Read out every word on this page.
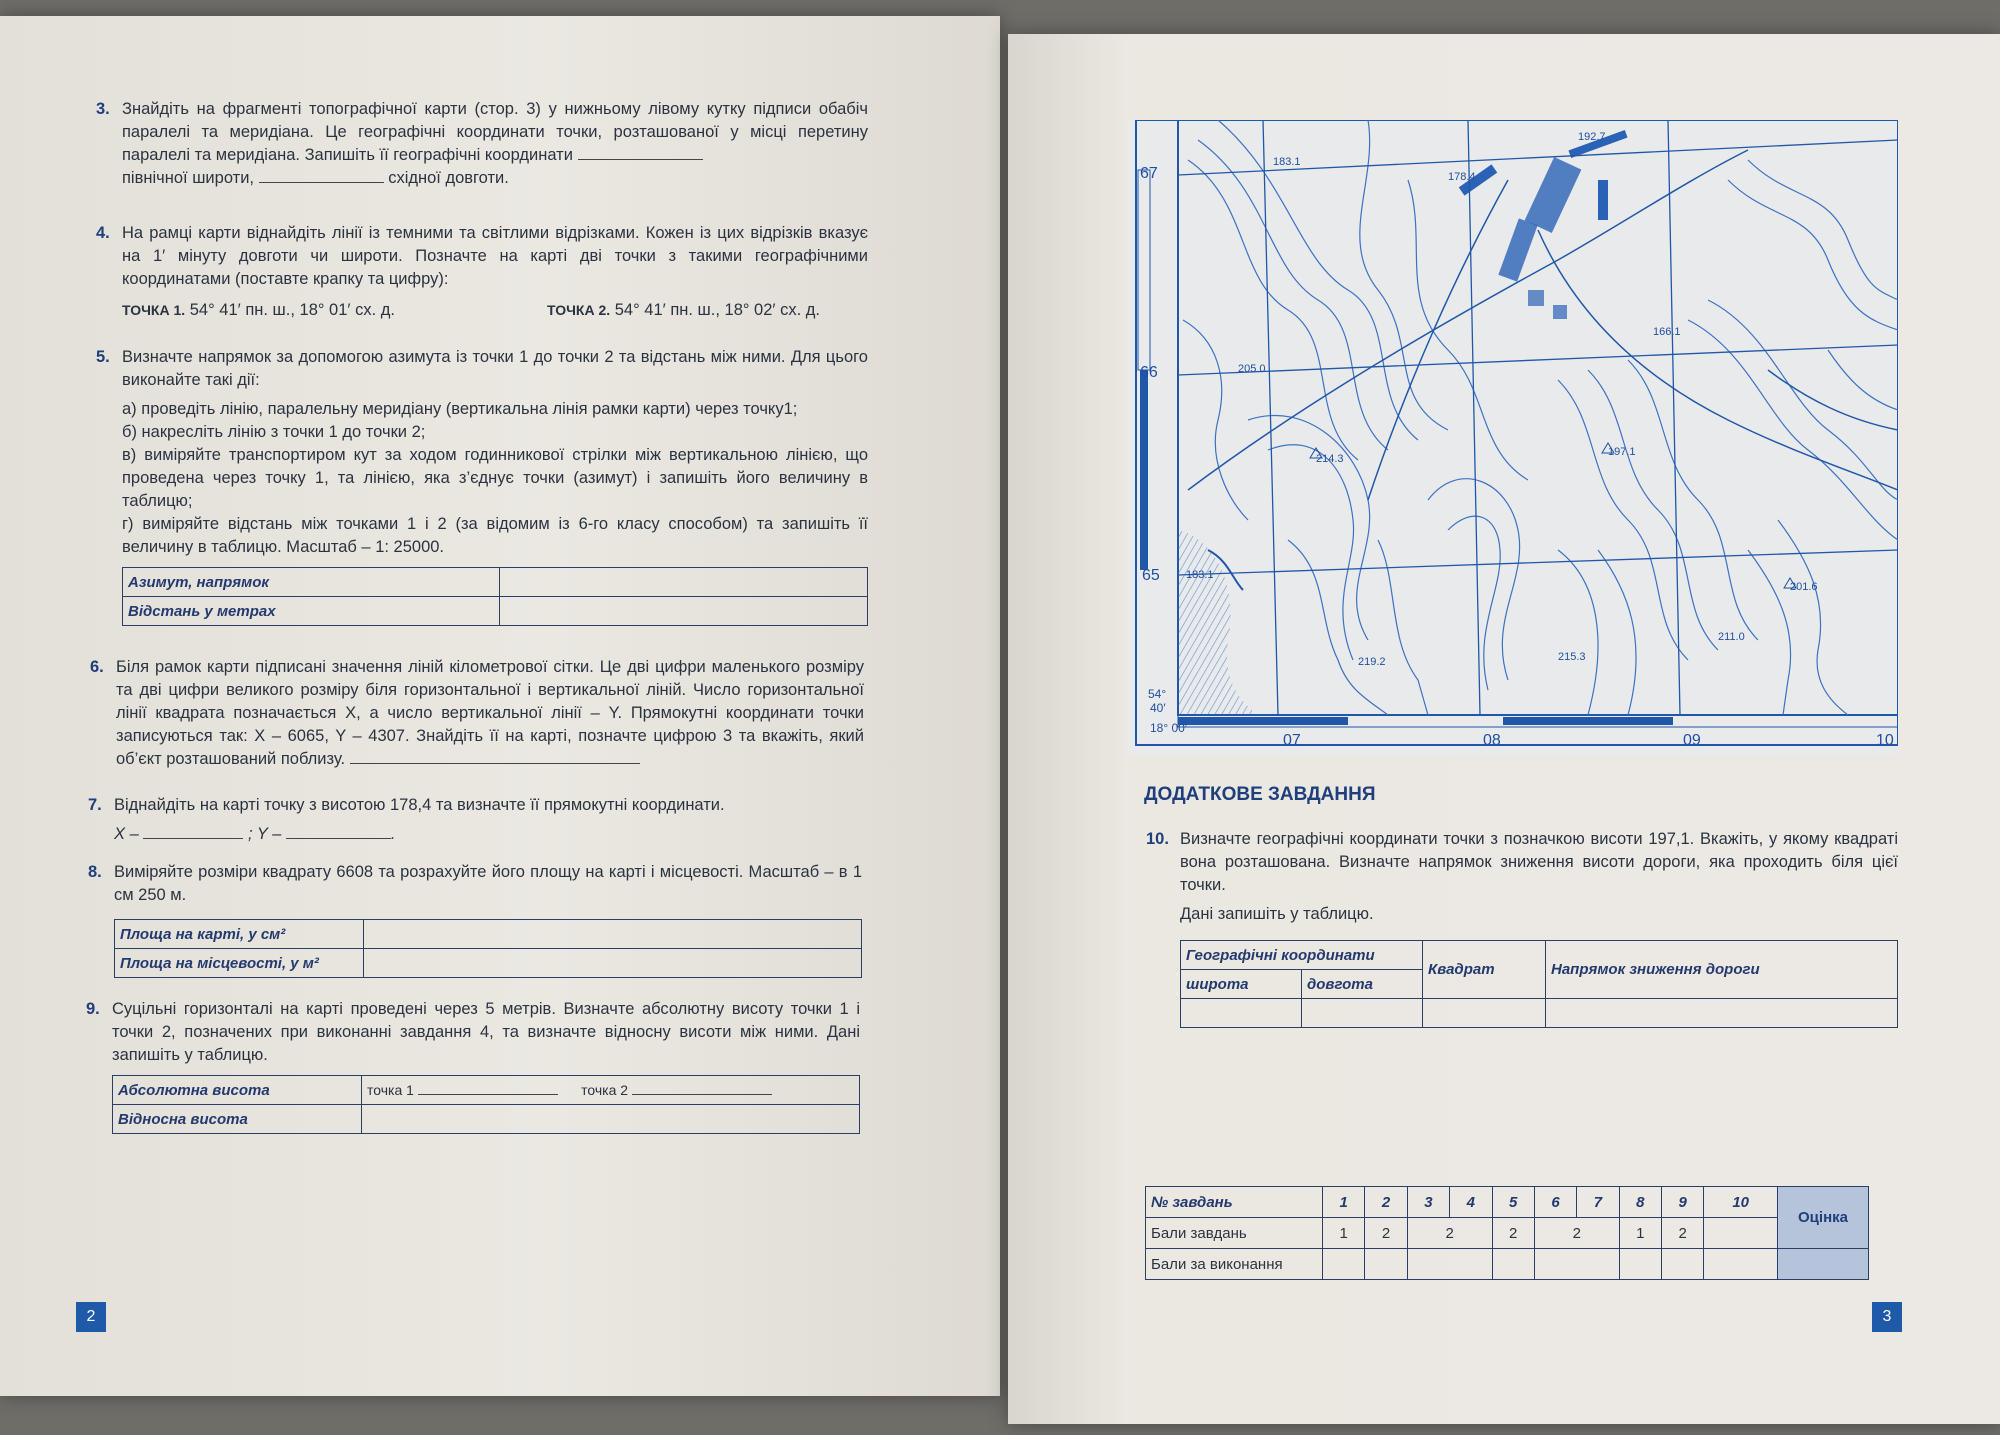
3. Знайдіть на фрагменті топографічної карти (стор. 3) у нижньому лівому кутку підписи обабіч паралелі та меридіана. Це географічні координати точки, розташованої у місці перетину паралелі та меридіана. Запишіть її географічні координати
північної широти,	східної довготи.

4. На рамці карти віднайдіть лінії із темними та світлими відрізками. Кожен із цих відрізків вказує на 1′ мінуту довготи чи широти. Позначте на карті дві точки з такими географічними координатами (поставте крапку та цифру):

ТОЧКА 1. 54° 41′ пн. ш., 18° 01′ сх. д.	ТОЧКА 2. 54° 41′ пн. ш., 18° 02′ сх. д.
5. Визначте напрямок за допомогою азимута із точки 1 до точки 2 та відстань між ними. Для цього виконайте такі дії:

а) проведіть лінію, паралельну меридіану (вертикальна лінія рамки карти) через точку1;

б) накресліть лінію з точки 1 до точки 2;

в) виміряйте транспортиром кут за ходом годинникової стрілки між вертикальною лінією, що проведена через точку 1, та лінією, яка з’єднує точки (азимут) і запишіть його величину в таблицю;

г) виміряйте відстань між точками 1 і 2 (за відомим із 6-го класу способом) та запишіть її величину в таблицю. Масштаб – 1: 25000.

Азимут, напрямок	
Відстань у метрах	
6. Біля рамок карти підписані значення ліній кілометрової сітки. Це дві цифри маленького розміру та дві цифри великого розміру біля горизонтальної і вертикальної ліній. Число горизонтальної лінії квадрата позначається X, а число вертикальної лінії – Y. Прямокутні координати точки записуються так: X – 6065, Y – 4307. Знайдіть її на карті, позначте цифрою 3 та вкажіть, який об’єкт розташований поблизу.

7. Віднайдіть на карті точку з висотою 178,4 та визначте її прямокутні координати.

X –	; Y –	.

8. Виміряйте розміри квадрату 6608 та розрахуйте його площу на карті і місцевості. Масштаб – в 1 см 250 м.

Площа на карті, у см²	
Площа на місцевості, у м²	
9. Суцільні горизонталі на карті проведені через 5 метрів. Визначте абсолютну висоту точки 1 і точки 2, позначених при виконанні завдання 4, та визначте відносну висоти між ними. Дані запишіть у таблицю.

Абсолютна висота	точка 1 точка 2
Відносна висота	
2	3
67
66
65
07	08	09	10
54°
40′
18° 00′
183.1
178.4
192.7
205.0
214.3
197.1
166.1
201.6
219.2	215.3
211.0
183.1
ДОДАТКОВЕ ЗАВДАННЯ
10. Визначте географічні координати точки з позначкою висоти 197,1. Вкажіть, у якому квадраті вона розташована. Визначте напрямок зниження висоти дороги, яка проходить біля цієї точки.

Дані запишіть у таблицю.

Географічні координати		Квадрат	Напрямок зниження дороги
широта	довгота		

№ завдань	1	2	3	4	5	6	7	8	9	10	Оцінка
Бали завдань	1	2	2		2	2		1	2		
Бали за виконання											
